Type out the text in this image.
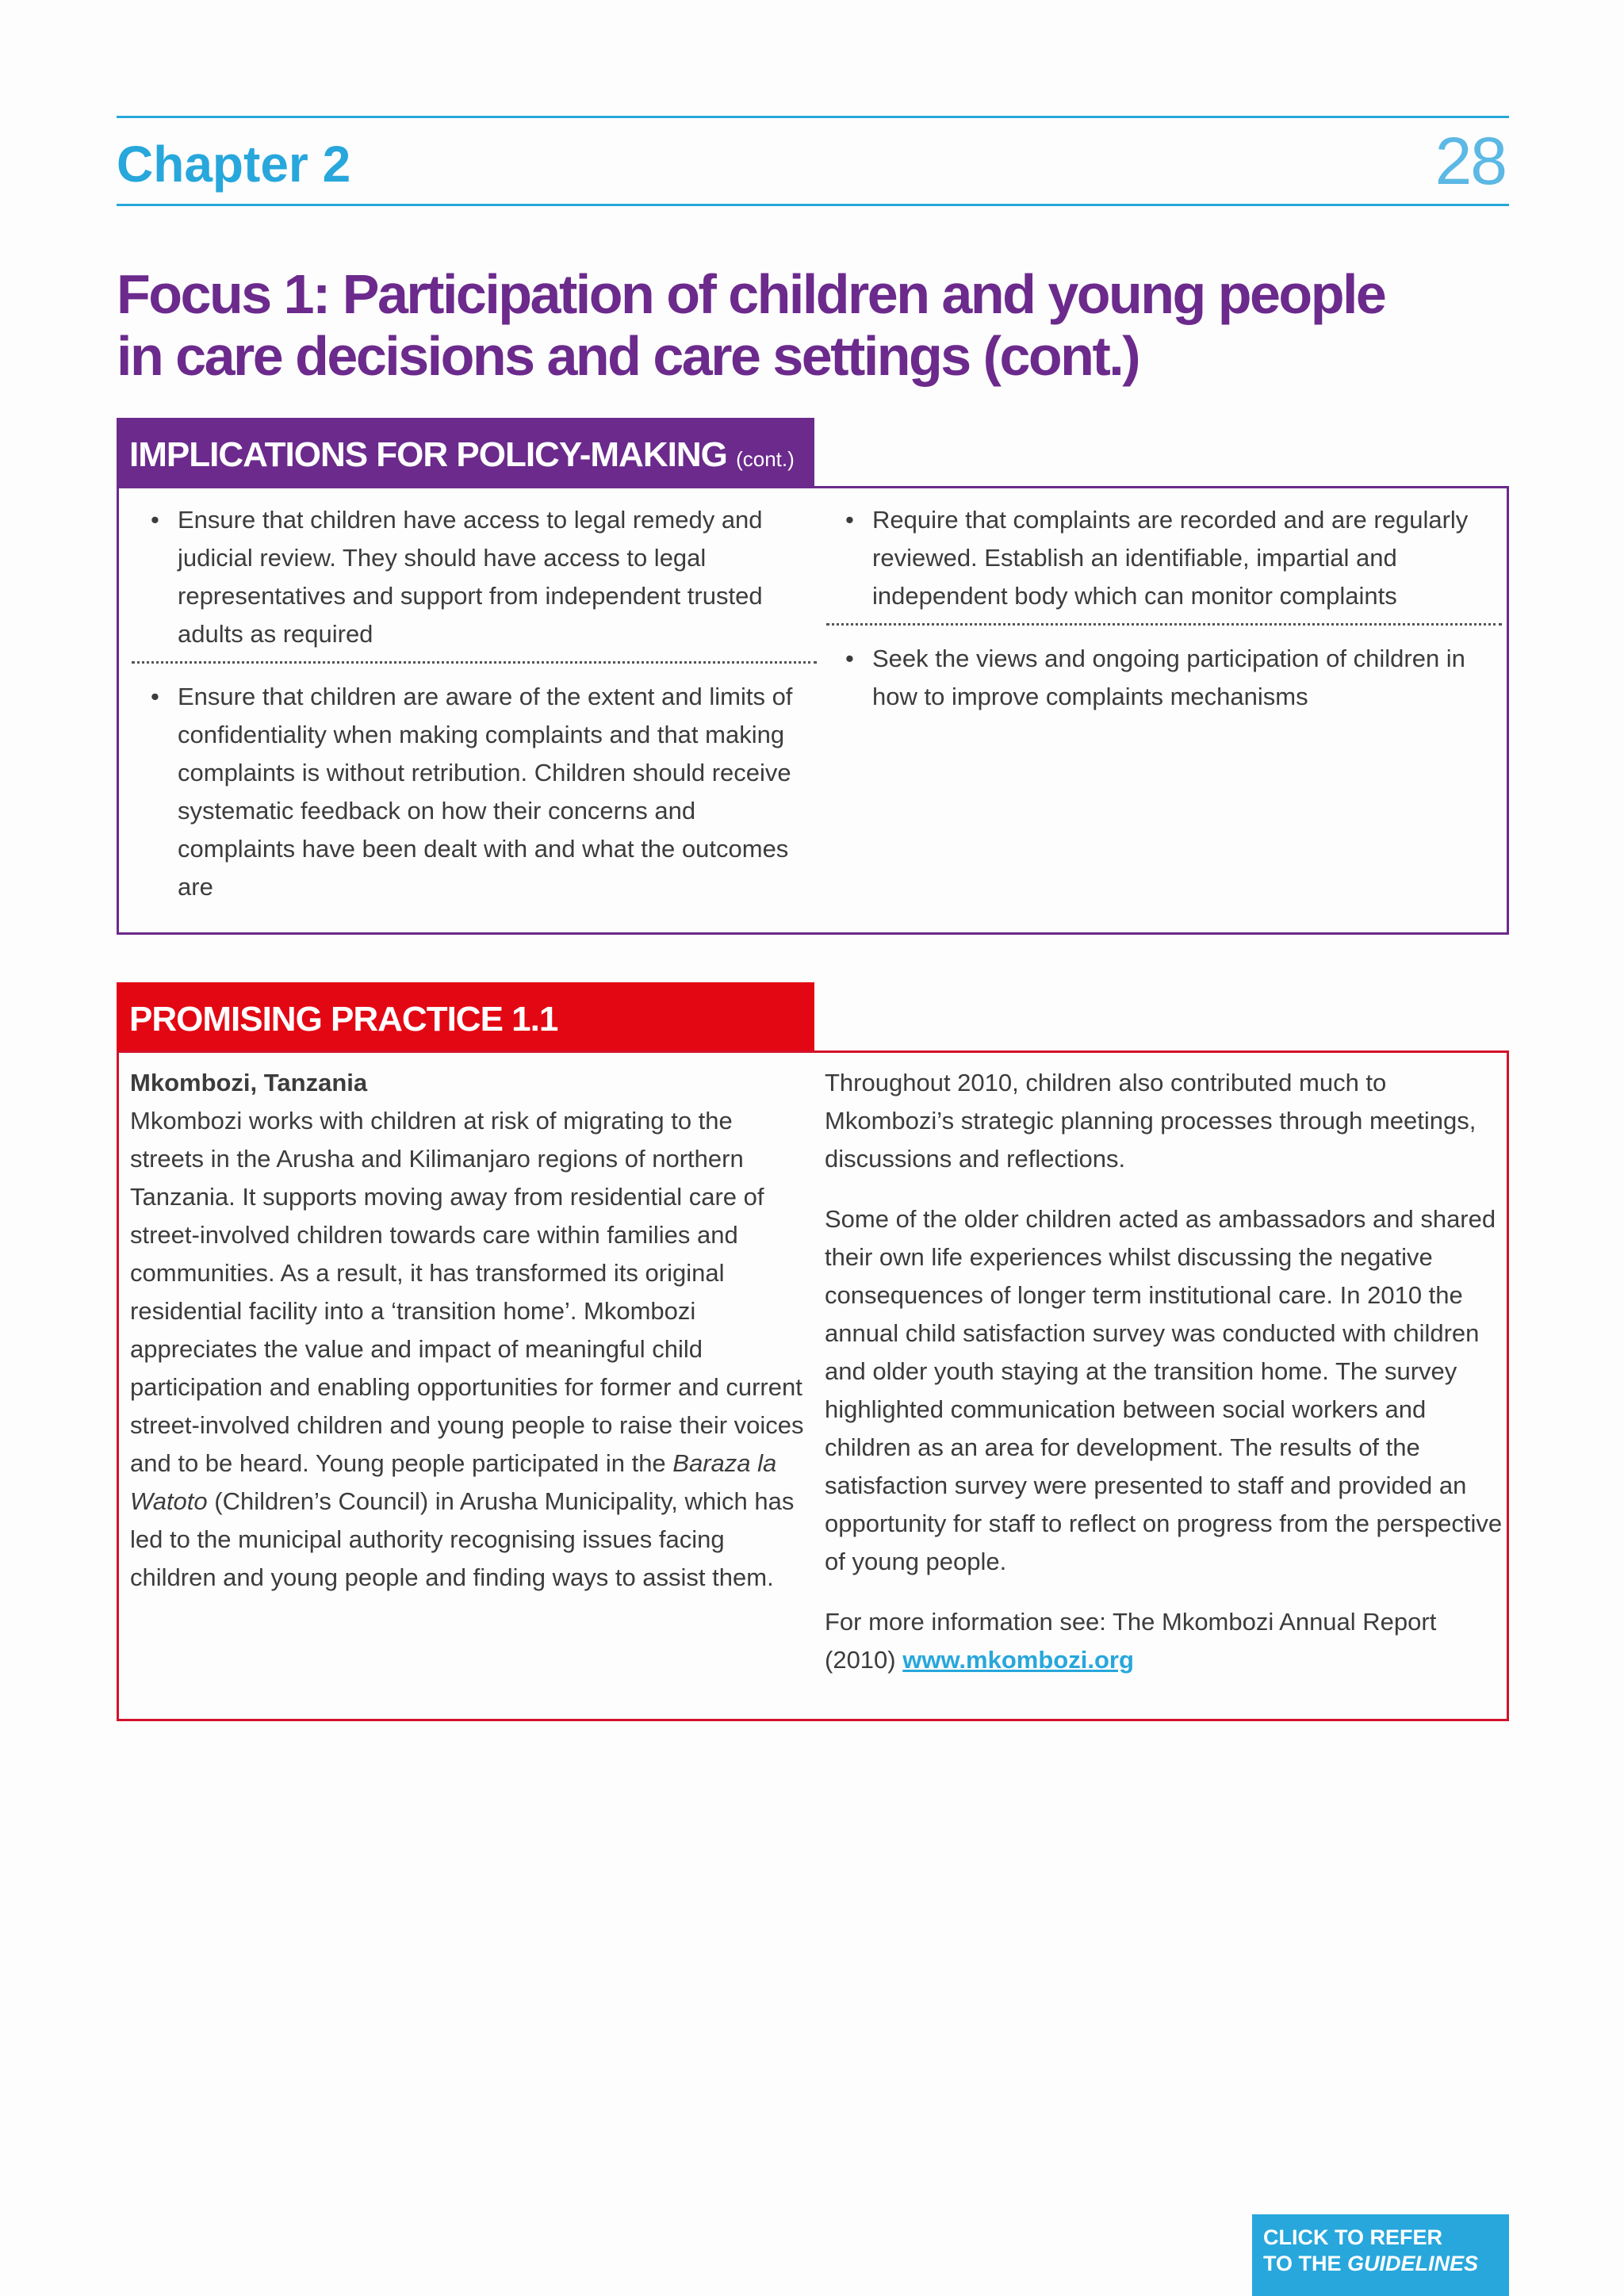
Chapter 2	28
Focus 1: Participation of children and young people
in care decisions and care settings (cont.)
IMPLICATIONS FOR POLICY-MAKING (cont.)
• Ensure that children have access to legal remedy and judicial review. They should have access to legal representatives and support from independent trusted adults as required
• Ensure that children are aware of the extent and limits of confidentiality when making complaints and that making complaints is without retribution. Children should receive systematic feedback on how their concerns and complaints have been dealt with and what the outcomes are
• Require that complaints are recorded and are regularly reviewed. Establish an identifiable, impartial and independent body which can monitor complaints
• Seek the views and ongoing participation of children in how to improve complaints mechanisms
PROMISING PRACTICE 1.1
Mkombozi, Tanzania

Mkombozi works with children at risk of migrating to the streets in the Arusha and Kilimanjaro regions of northern Tanzania. It supports moving away from residential care of street-involved children towards care within families and communities. As a result, it has transformed its original residential facility into a ‘transition home’. Mkombozi appreciates the value and impact of meaningful child participation and enabling opportunities for former and current street-involved children and young people to raise their voices and to be heard. Young people participated in the Baraza la Watoto (Children’s Council) in Arusha Municipality, which has led to the municipal authority recognising issues facing children and young people and finding ways to assist them.

Throughout 2010, children also contributed much to Mkombozi’s strategic planning processes through meetings, discussions and reflections.

Some of the older children acted as ambassadors and shared their own life experiences whilst discussing the negative consequences of longer term institutional care. In 2010 the annual child satisfaction survey was conducted with children and older youth staying at the transition home. The survey highlighted communication between social workers and children as an area for development. The results of the satisfaction survey were presented to staff and provided an opportunity for staff to reflect on progress from the perspective of young people.

For more information see: The Mkombozi Annual Report (2010) www.mkombozi.org

CLICK TO REFER
TO THE GUIDELINES
